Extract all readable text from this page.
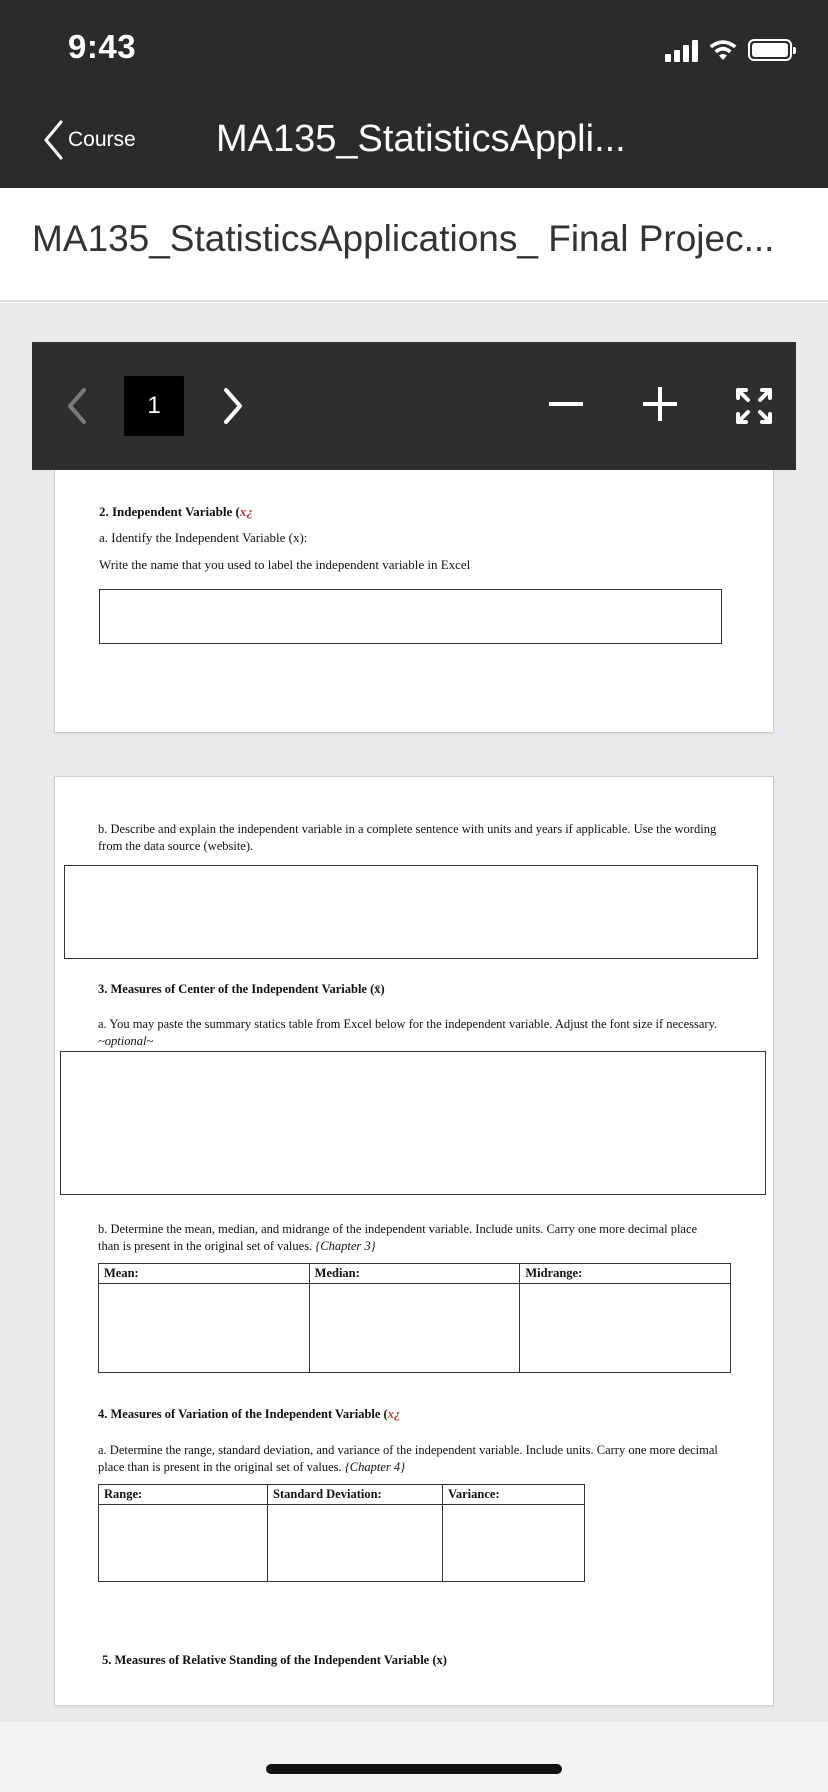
9:43
Course MA135_StatisticsAppli...
MA135_StatisticsApplications_ Final Projec...
2. Independent Variable (x¿
a. Identify the Independent Variable (x):
Write the name that you used to label the independent variable in Excel
b. Describe and explain the independent variable in a complete sentence with units and years if applicable. Use the wording from the data source (website).
3. Measures of Center of the Independent Variable (x̄)
a. You may paste the summary statics table from Excel below for the independent variable. Adjust the font size if necessary. ~optional~
b. Determine the mean, median, and midrange of the independent variable. Include units. Carry one more decimal place than is present in the original set of values. {Chapter 3}
Mean:	Median:	Midrange:

4. Measures of Variation of the Independent Variable (x¿
a. Determine the range, standard deviation, and variance of the independent variable. Include units. Carry one more decimal place than is present in the original set of values. {Chapter 4}
Range:	Standard Deviation:	Variance:

5. Measures of Relative Standing of the Independent Variable (x)
1
